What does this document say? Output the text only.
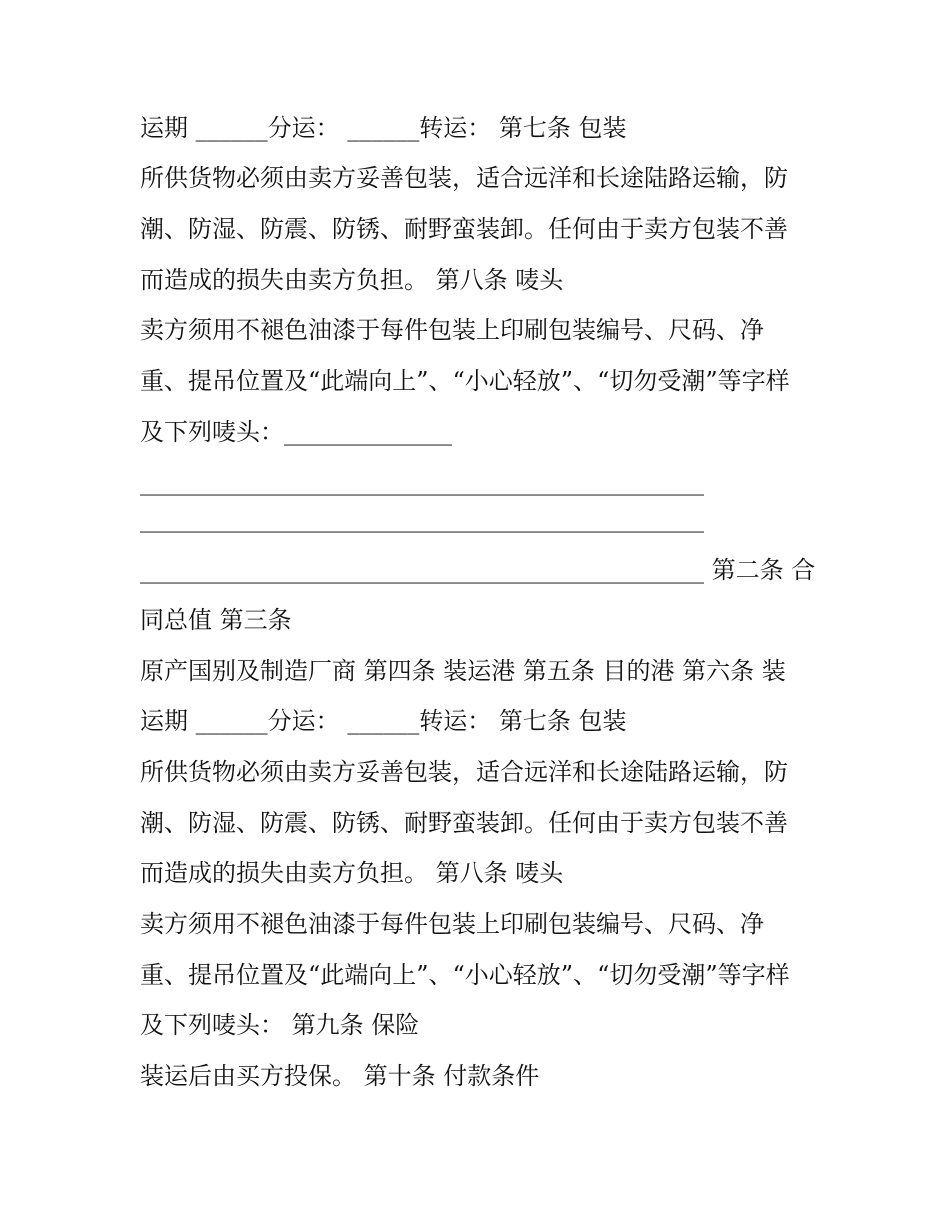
运期 ______分运： ______转运： 第七条 包装
所供货物必须由卖方妥善包装，适合远洋和长途陆路运输，防
潮、防湿、防震、防锈、耐野蛮装卸。任何由于卖方包装不善
而造成的损失由卖方负担。 第八条 唛头
卖方须用不褪色油漆于每件包装上印刷包装编号、尺码、净
重、提吊位置及“此端向上”、“小心轻放”、“切勿受潮”等字样
及下列唛头：______________
_______________________________________________
_______________________________________________
_______________________________________________ 第二条 合
同总值 第三条
原产国别及制造厂商 第四条 装运港 第五条 目的港 第六条 装
运期 ______分运： ______转运： 第七条 包装
所供货物必须由卖方妥善包装，适合远洋和长途陆路运输，防
潮、防湿、防震、防锈、耐野蛮装卸。任何由于卖方包装不善
而造成的损失由卖方负担。 第八条 唛头
卖方须用不褪色油漆于每件包装上印刷包装编号、尺码、净
重、提吊位置及“此端向上”、“小心轻放”、“切勿受潮”等字样
及下列唛头： 第九条 保险
装运后由买方投保。 第十条 付款条件
